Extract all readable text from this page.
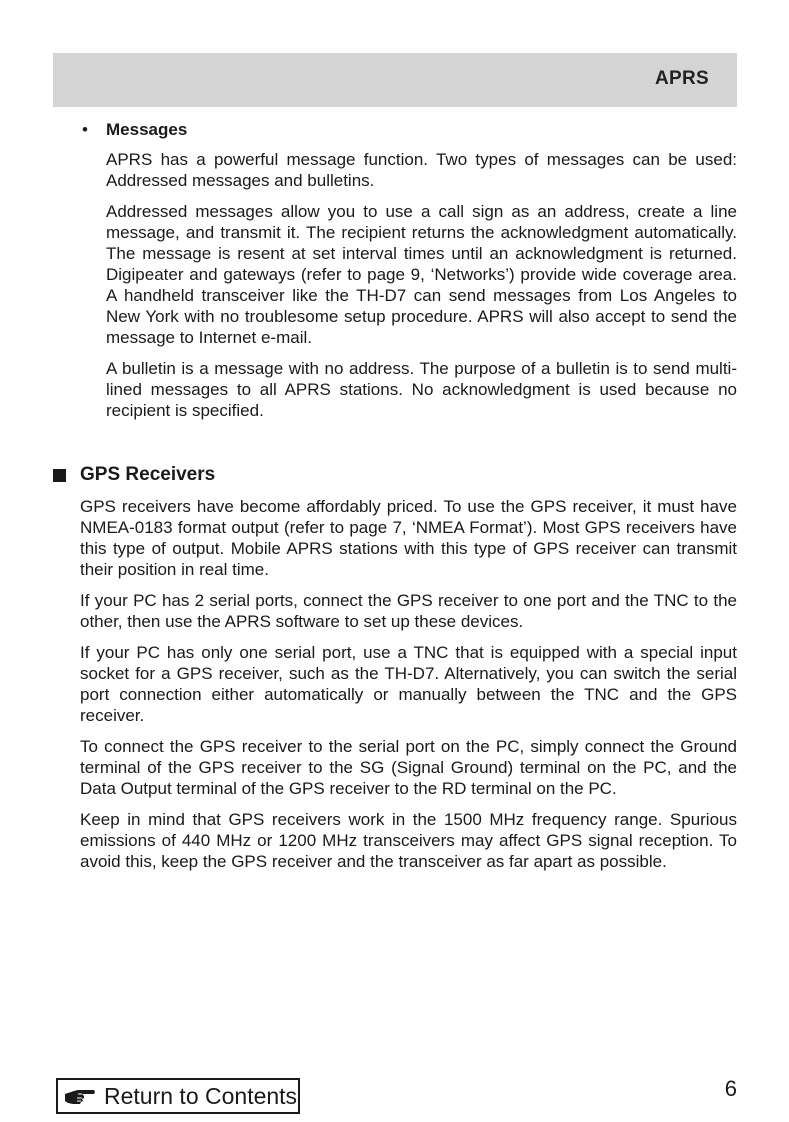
APRS
• Messages

APRS has a powerful message function. Two types of messages can be used: Addressed messages and bulletins.

Addressed messages allow you to use a call sign as an address, create a line message, and transmit it. The recipient returns the acknowledgment automatically. The message is resent at set interval times until an acknowledgment is returned. Digipeater and gateways (refer to page 9, ‘Networks’) provide wide coverage area. A handheld transceiver like the TH-D7 can send messages from Los Angeles to New York with no troublesome setup procedure. APRS will also accept to send the message to Internet e-mail.

A bulletin is a message with no address. The purpose of a bulletin is to send multi-lined messages to all APRS stations. No acknowledgment is used because no recipient is specified.

GPS Receivers

GPS receivers have become affordably priced. To use the GPS receiver, it must have NMEA-0183 format output (refer to page 7, ‘NMEA Format’). Most GPS receivers have this type of output. Mobile APRS stations with this type of GPS receiver can transmit their position in real time.

If your PC has 2 serial ports, connect the GPS receiver to one port and the TNC to the other, then use the APRS software to set up these devices.

If your PC has only one serial port, use a TNC that is equipped with a special input socket for a GPS receiver, such as the TH-D7. Alternatively, you can switch the serial port connection either automatically or manually between the TNC and the GPS receiver.

To connect the GPS receiver to the serial port on the PC, simply connect the Ground terminal of the GPS receiver to the SG (Signal Ground) terminal on the PC, and the Data Output terminal of the GPS receiver to the RD terminal on the PC.

Keep in mind that GPS receivers work in the 1500 MHz frequency range. Spurious emissions of 440 MHz or 1200 MHz transceivers may affect GPS signal reception. To avoid this, keep the GPS receiver and the transceiver as far apart as possible.

Return to Contents	6
